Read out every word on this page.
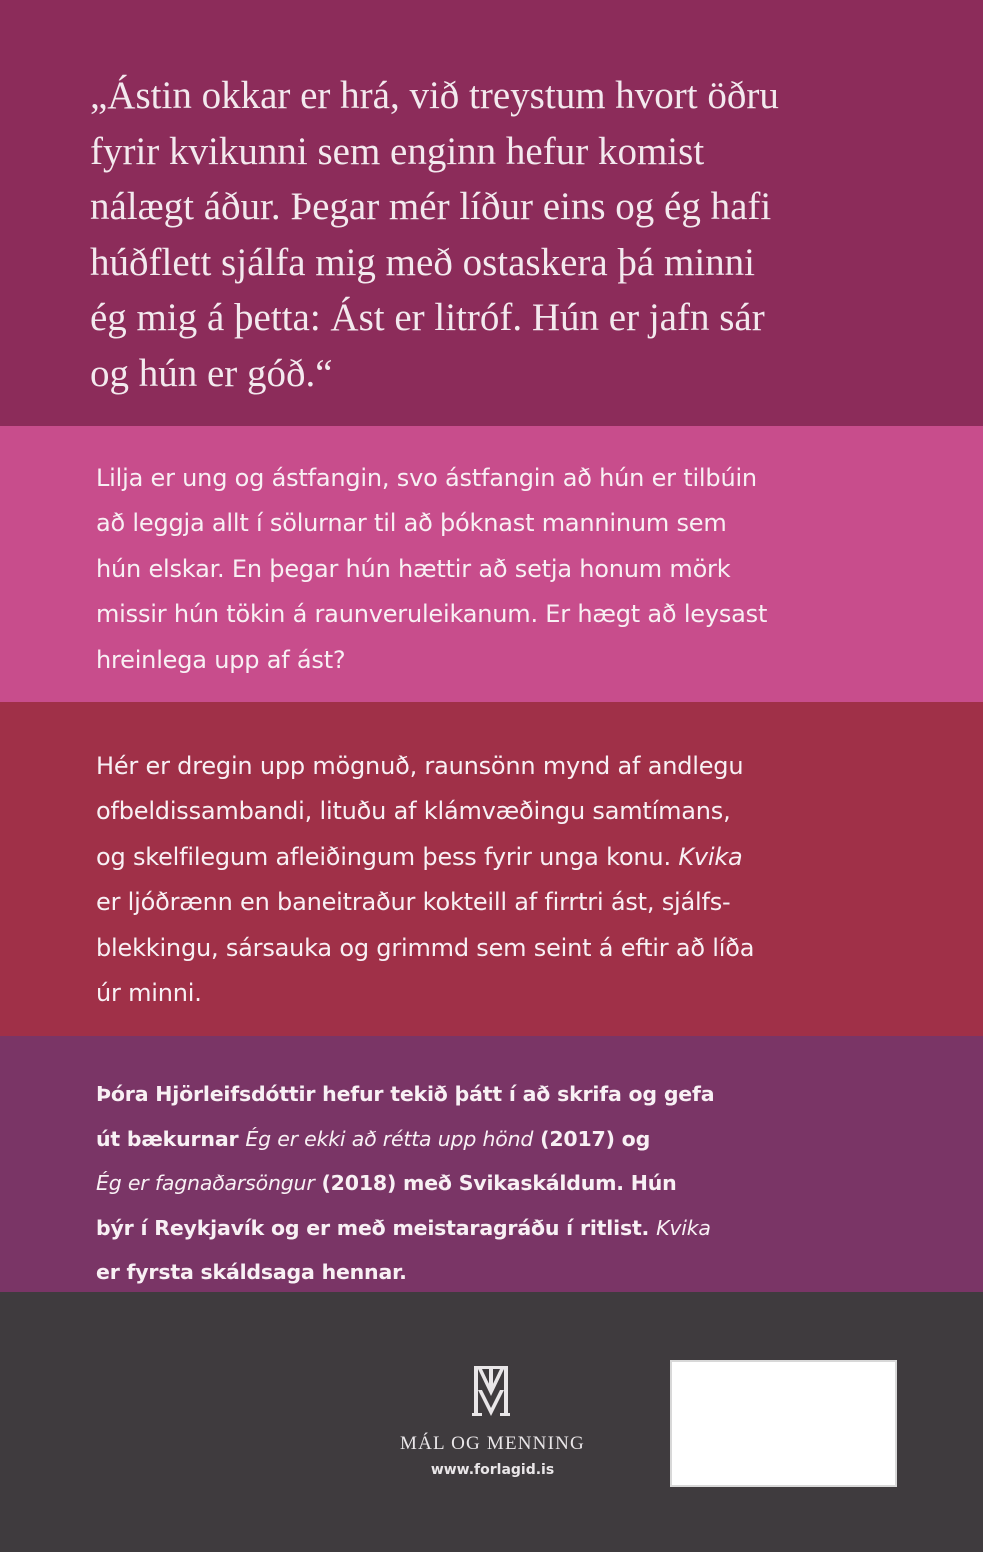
„Ástin okkar er hrá, við treystum hvort öðru

fyrir kvikunni sem enginn hefur komist

nálægt áður. Þegar mér líður eins og ég hafi

húðflett sjálfa mig með ostaskera þá minni

ég mig á þetta: Ást er litróf. Hún er jafn sár

og hún er góð.“

Lilja er ung og ástfangin, svo ástfangin að hún er tilbúin

að leggja allt í sölurnar til að þóknast manninum sem

hún elskar. En þegar hún hættir að setja honum mörk

missir hún tökin á raunveruleikanum. Er hægt að leysast

hreinlega upp af ást?

Hér er dregin upp mögnuð, raunsönn mynd af andlegu

ofbeldissambandi, lituðu af klámvæðingu samtímans,

og skelfilegum afleiðingum þess fyrir unga konu. Kvika

er ljóðrænn en baneitraður kokteill af firrtri ást, sjálfs-

blekkingu, sársauka og grimmd sem seint á eftir að líða

úr minni.

Þóra Hjörleifsdóttir hefur tekið þátt í að skrifa og gefa

út bækurnar Ég er ekki að rétta upp hönd (2017) og

Ég er fagnaðarsöngur (2018) með Svikaskáldum. Hún

býr í Reykjavík og er með meistaragráðu í ritlist. Kvika

er fyrsta skáldsaga hennar.

MÁL OG MENNING
www.forlagid.is
